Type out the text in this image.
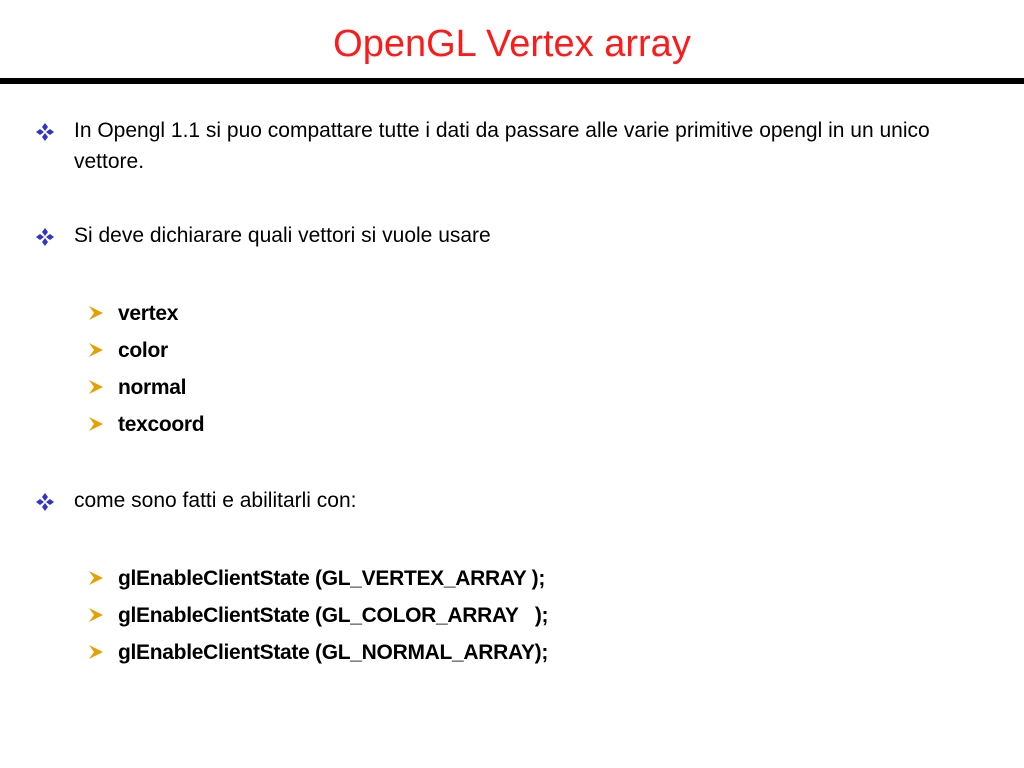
OpenGL Vertex array
In Opengl 1.1 si puo compattare tutte i dati da passare alle varie primitive opengl in un unico vettore.
Si deve dichiarare quali vettori si vuole usare
vertex
color
normal
texcoord
come sono fatti e abilitarli con:
glEnableClientState (GL_VERTEX_ARRAY );
glEnableClientState (GL_COLOR_ARRAY   );
glEnableClientState (GL_NORMAL_ARRAY);
